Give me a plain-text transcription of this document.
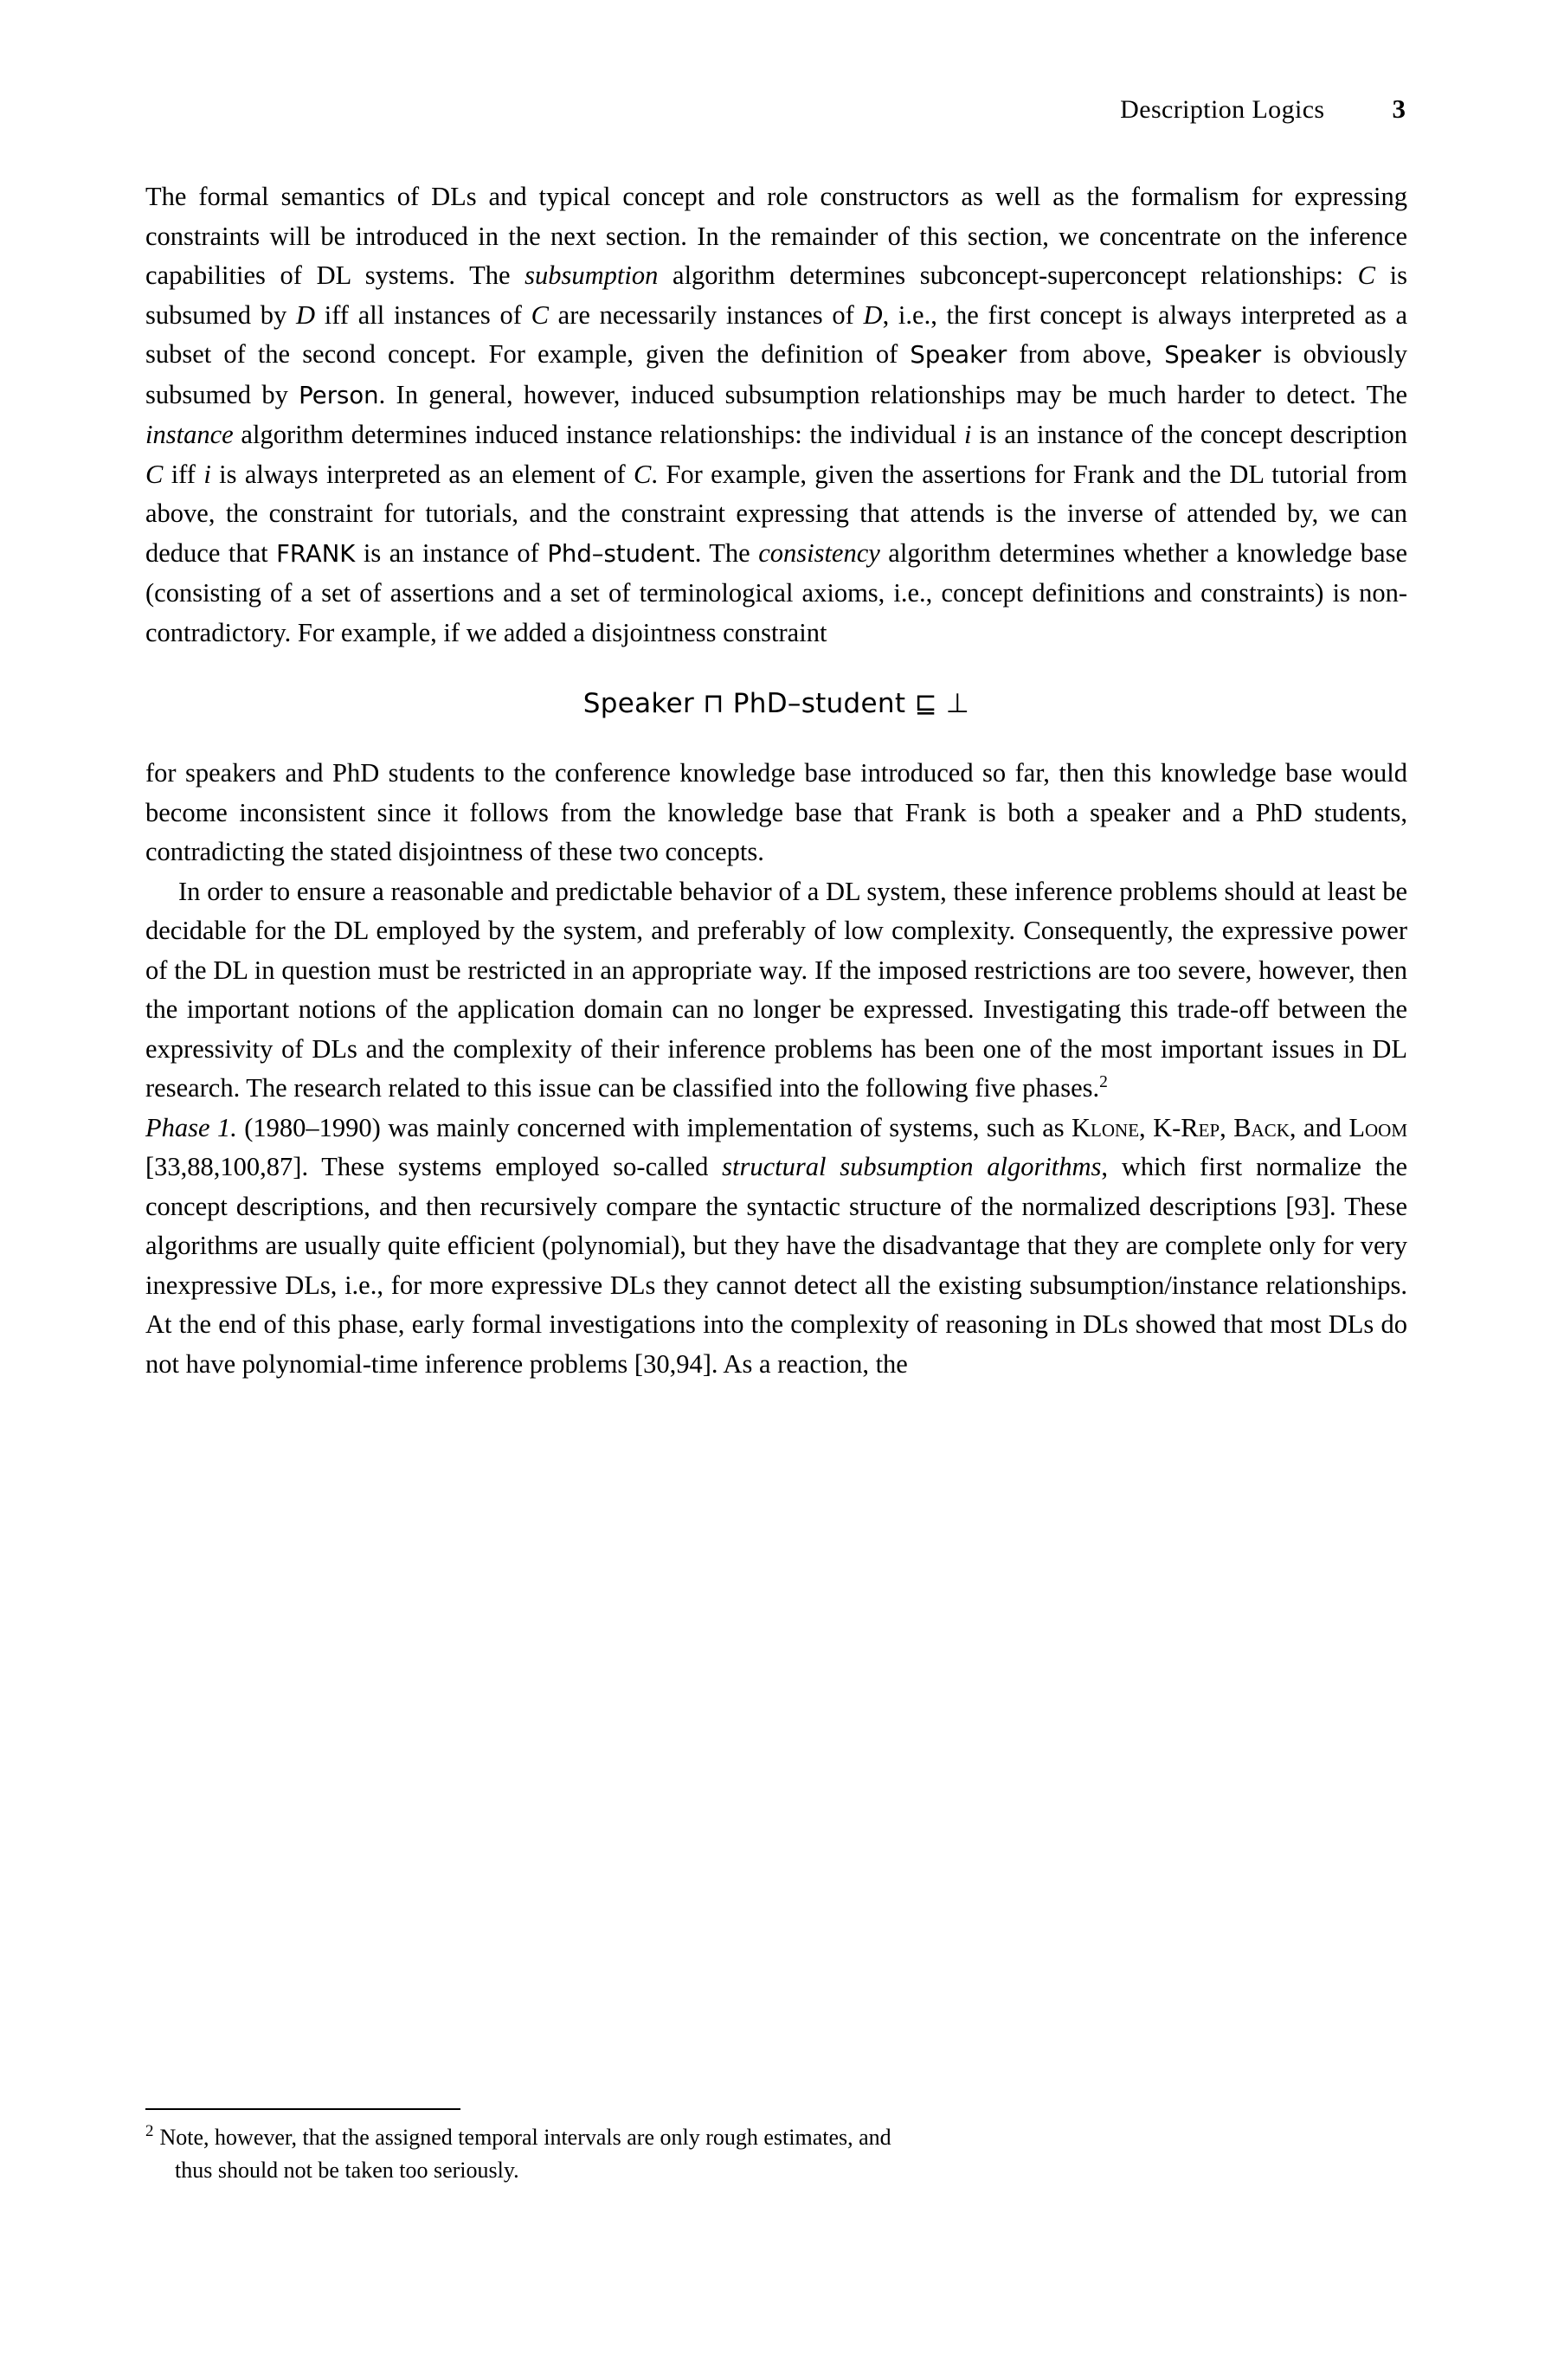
Description Logics	3

The formal semantics of DLs and typical concept and role constructors as well as the formalism for expressing constraints will be introduced in the next section. In the remainder of this section, we concentrate on the inference capabilities of DL systems. The subsumption algorithm determines subconcept-superconcept relationships: C is subsumed by D iff all instances of C are necessarily instances of D, i.e., the first concept is always interpreted as a subset of the second concept. For example, given the definition of Speaker from above, Speaker is obviously subsumed by Person. In general, however, induced subsumption relationships may be much harder to detect. The instance algorithm determines induced instance relationships: the individual i is an instance of the concept description C iff i is always interpreted as an element of C. For example, given the assertions for Frank and the DL tutorial from above, the constraint for tutorials, and the constraint expressing that attends is the inverse of attended by, we can deduce that FRANK is an instance of Phd–student. The consistency algorithm determines whether a knowledge base (consisting of a set of assertions and a set of terminological axioms, i.e., concept definitions and constraints) is non-contradictory. For example, if we added a disjointness constraint

Speaker ⊓ PhD–student ⊑ ⊥

for speakers and PhD students to the conference knowledge base introduced so far, then this knowledge base would become inconsistent since it follows from the knowledge base that Frank is both a speaker and a PhD students, contradicting the stated disjointness of these two concepts.

In order to ensure a reasonable and predictable behavior of a DL system, these inference problems should at least be decidable for the DL employed by the system, and preferably of low complexity. Consequently, the expressive power of the DL in question must be restricted in an appropriate way. If the imposed restrictions are too severe, however, then the important notions of the application domain can no longer be expressed. Investigating this trade-off between the expressivity of DLs and the complexity of their inference problems has been one of the most important issues in DL research. The research related to this issue can be classified into the following five phases.$^2$

Phase 1. (1980–1990) was mainly concerned with implementation of systems, such as Klone, K-Rep, Back, and Loom [33,88,100,87]. These systems employed so-called structural subsumption algorithms, which first normalize the concept descriptions, and then recursively compare the syntactic structure of the normalized descriptions [93]. These algorithms are usually quite efficient (polynomial), but they have the disadvantage that they are complete only for very inexpressive DLs, i.e., for more expressive DLs they cannot detect all the existing subsumption/instance relationships. At the end of this phase, early formal investigations into the complexity of reasoning in DLs showed that most DLs do not have polynomial-time inference problems [30,94]. As a reaction, the

$^2$ Note, however, that the assigned temporal intervals are only rough estimates, and
thus should not be taken too seriously.
